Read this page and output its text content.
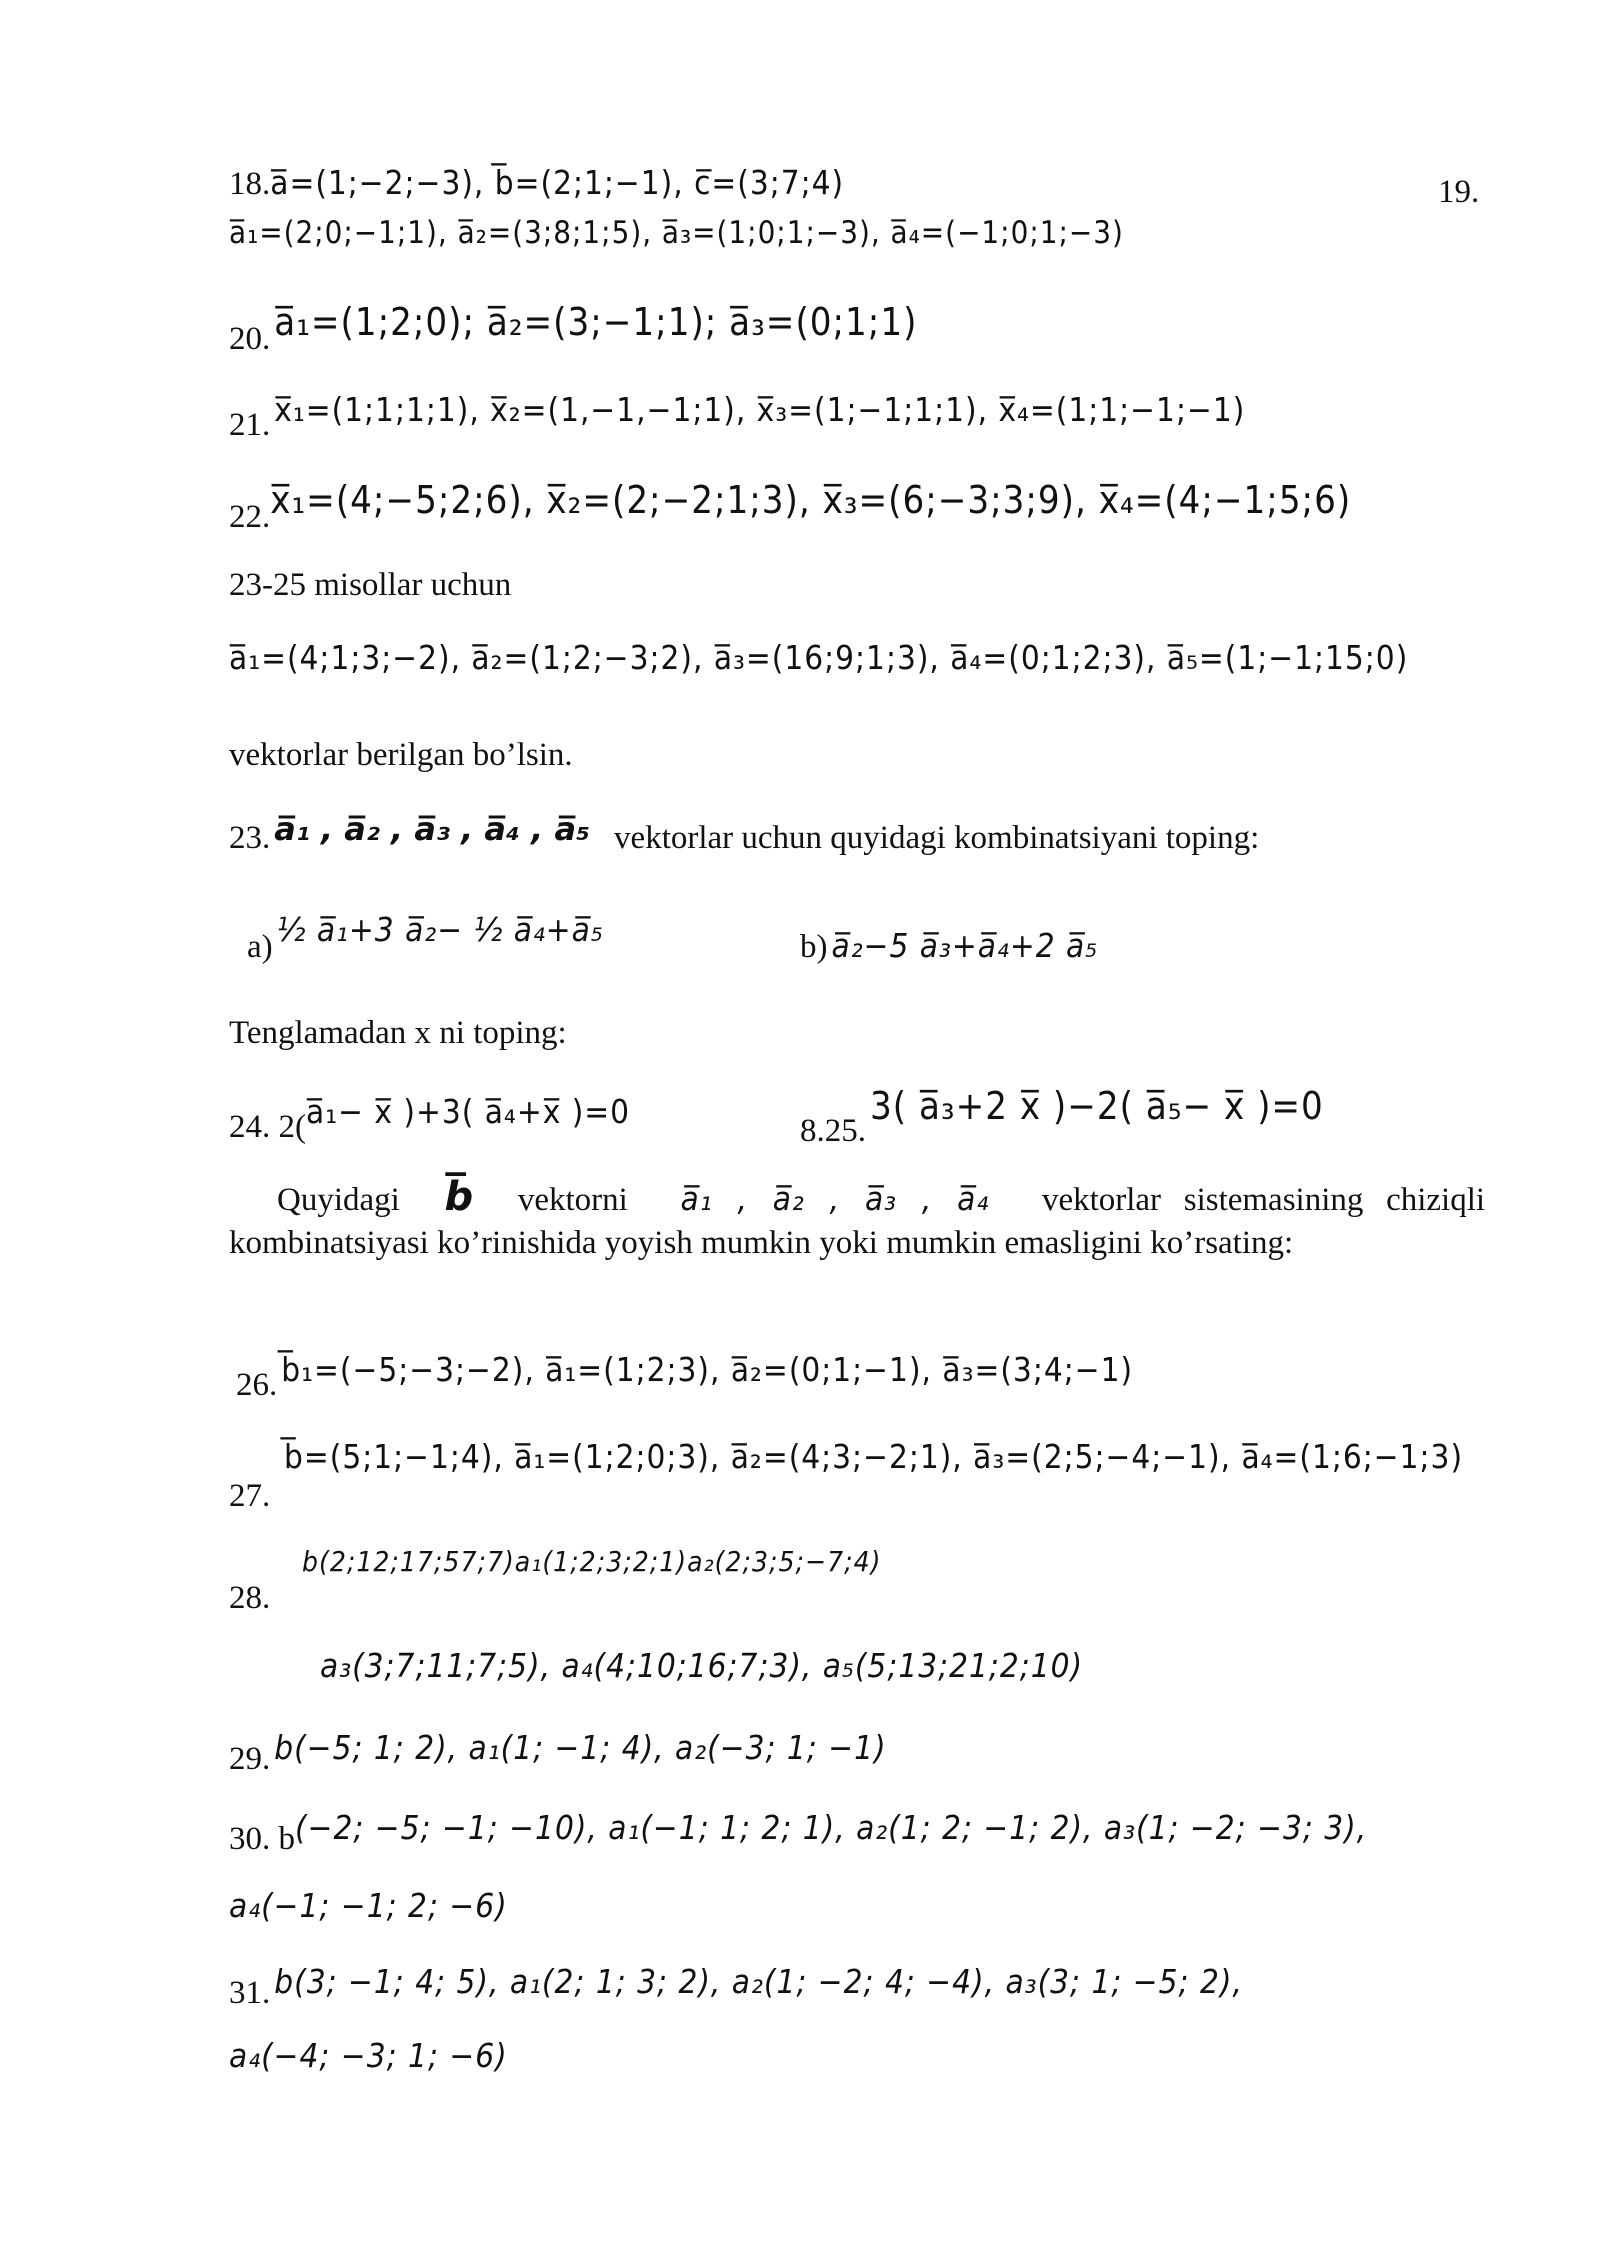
18.a̅=(1;−2;−3), b̅=(2;1;−1), c̅=(3;7;4)	19.
a̅₁=(2;0;−1;1), a̅₂=(3;8;1;5), a̅₃=(1;0;1;−3), a̅₄=(−1;0;1;−3)
20. a̅₁=(1;2;0); a̅₂=(3;−1;1); a̅₃=(0;1;1)
21. x̅₁=(1;1;1;1), x̅₂=(1,−1,−1;1), x̅₃=(1;−1;1;1), x̅₄=(1;1;−1;−1)
22.x̅₁=(4;−5;2;6), x̅₂=(2;−2;1;3), x̅₃=(6;−3;3;9), x̅₄=(4;−1;5;6)
23-25 misollar uchun
a̅₁=(4;1;3;−2), a̅₂=(1;2;−3;2), a̅₃=(16;9;1;3), a̅₄=(0;1;2;3), a̅₅=(1;−1;15;0)
vektorlar berilgan bo’lsin.
23. a̅₁ , a̅₂ , a̅₃ , a̅₄ , a̅₅ vektorlar uchun quyidagi kombinatsiyani toping:
a) ½ a̅₁+3 a̅₂− ½ a̅₄+a̅₅	b) a̅₂−5 a̅₃+a̅₄+2 a̅₅
Tenglamadan x ni toping:
24. 2(a̅₁− x̅ )+3( a̅₄+x̅ )=0	8.25. 3( a̅₃+2 x̅ )−2( a̅₅− x̅ )=0
Quyidagi b̅ vektorni a̅₁ , a̅₂ , a̅₃ , a̅₄ vektorlar sistemasining chiziqli kombinatsiyasi ko’rinishida yoyish mumkin yoki mumkin emasligini ko’rsating:
26. b̅₁=(−5;−3;−2), a̅₁=(1;2;3), a̅₂=(0;1;−1), a̅₃=(3;4;−1)
b̅=(5;1;−1;4), a̅₁=(1;2;0;3), a̅₂=(4;3;−2;1), a̅₃=(2;5;−4;−1), a̅₄=(1;6;−1;3)
27.
b(2;12;17;57;7)a₁(1;2;3;2;1)a₂(2;3;5;−7;4)
28.
a₃(3;7;11;7;5), a₄(4;10;16;7;3), a₅(5;13;21;2;10)
29. b(−5; 1; 2), a₁(1; −1; 4), a₂(−3; 1; −1)
30. b(−2; −5; −1; −10), a₁(−1; 1; 2; 1), a₂(1; 2; −1; 2), a₃(1; −2; −3; 3),
a₄(−1; −1; 2; −6)
31. b(3; −1; 4; 5), a₁(2; 1; 3; 2), a₂(1; −2; 4; −4), a₃(3; 1; −5; 2),
a₄(−4; −3; 1; −6)
